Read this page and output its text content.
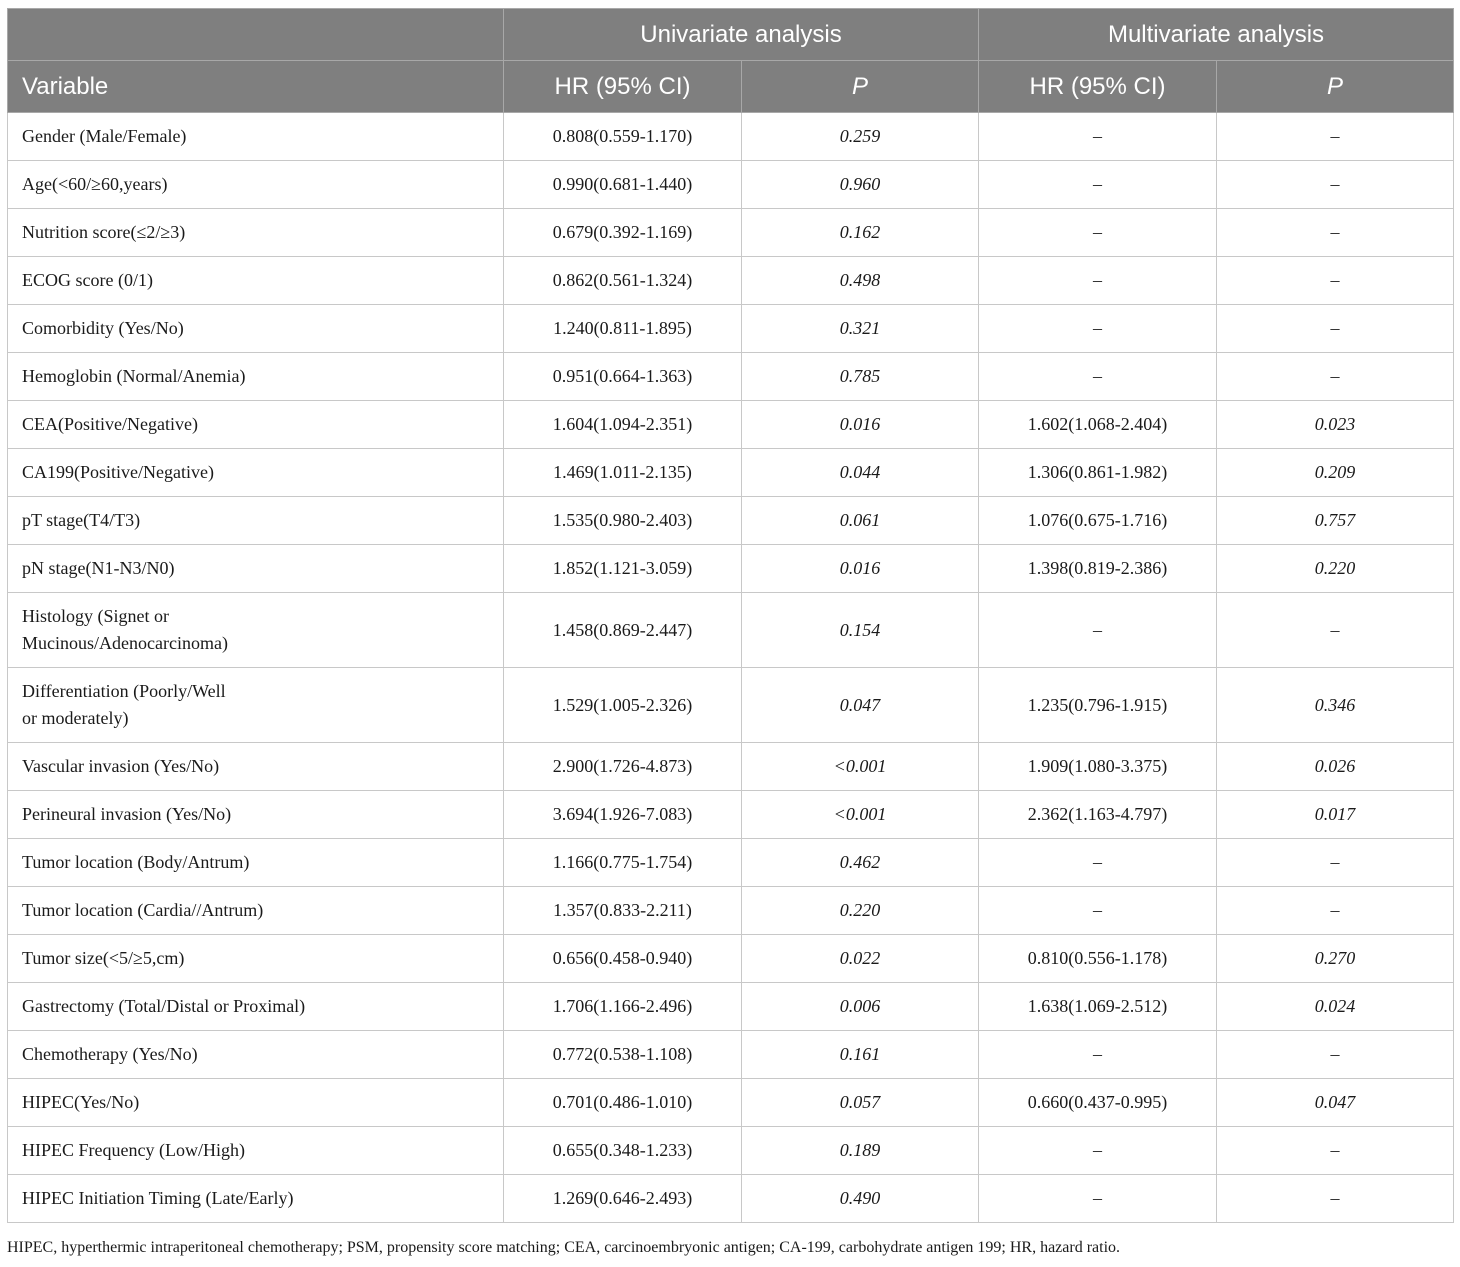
	Univariate analysis		Multivariate analysis	
Variable	HR (95% CI)	P	HR (95% CI)	P
Gender (Male/Female)	0.808(0.559-1.170)	0.259	–	–
Age(<60/≥60,years)	0.990(0.681-1.440)	0.960	–	–
Nutrition score(≤2/≥3)	0.679(0.392-1.169)	0.162	–	–
ECOG score (0/1)	0.862(0.561-1.324)	0.498	–	–
Comorbidity (Yes/No)	1.240(0.811-1.895)	0.321	–	–
Hemoglobin (Normal/Anemia)	0.951(0.664-1.363)	0.785	–	–
CEA(Positive/Negative)	1.604(1.094-2.351)	0.016	1.602(1.068-2.404)	0.023
CA199(Positive/Negative)	1.469(1.011-2.135)	0.044	1.306(0.861-1.982)	0.209
pT stage(T4/T3)	1.535(0.980-2.403)	0.061	1.076(0.675-1.716)	0.757
pN stage(N1-N3/N0)	1.852(1.121-3.059)	0.016	1.398(0.819-2.386)	0.220
Histology (Signet or
Mucinous/Adenocarcinoma)	1.458(0.869-2.447)	0.154	–	–
Differentiation (Poorly/Well
or moderately)	1.529(1.005-2.326)	0.047	1.235(0.796-1.915)	0.346
Vascular invasion (Yes/No)	2.900(1.726-4.873)	<0.001	1.909(1.080-3.375)	0.026
Perineural invasion (Yes/No)	3.694(1.926-7.083)	<0.001	2.362(1.163-4.797)	0.017
Tumor location (Body/Antrum)	1.166(0.775-1.754)	0.462	–	–
Tumor location (Cardia//Antrum)	1.357(0.833-2.211)	0.220	–	–
Tumor size(<5/≥5,cm)	0.656(0.458-0.940)	0.022	0.810(0.556-1.178)	0.270
Gastrectomy (Total/Distal or Proximal)	1.706(1.166-2.496)	0.006	1.638(1.069-2.512)	0.024
Chemotherapy (Yes/No)	0.772(0.538-1.108)	0.161	–	–
HIPEC(Yes/No)	0.701(0.486-1.010)	0.057	0.660(0.437-0.995)	0.047
HIPEC Frequency (Low/High)	0.655(0.348-1.233)	0.189	–	–
HIPEC Initiation Timing (Late/Early)	1.269(0.646-2.493)	0.490	–	–
HIPEC, hyperthermic intraperitoneal chemotherapy; PSM, propensity score matching; CEA, carcinoembryonic antigen; CA-199, carbohydrate antigen 199; HR, hazard ratio.
